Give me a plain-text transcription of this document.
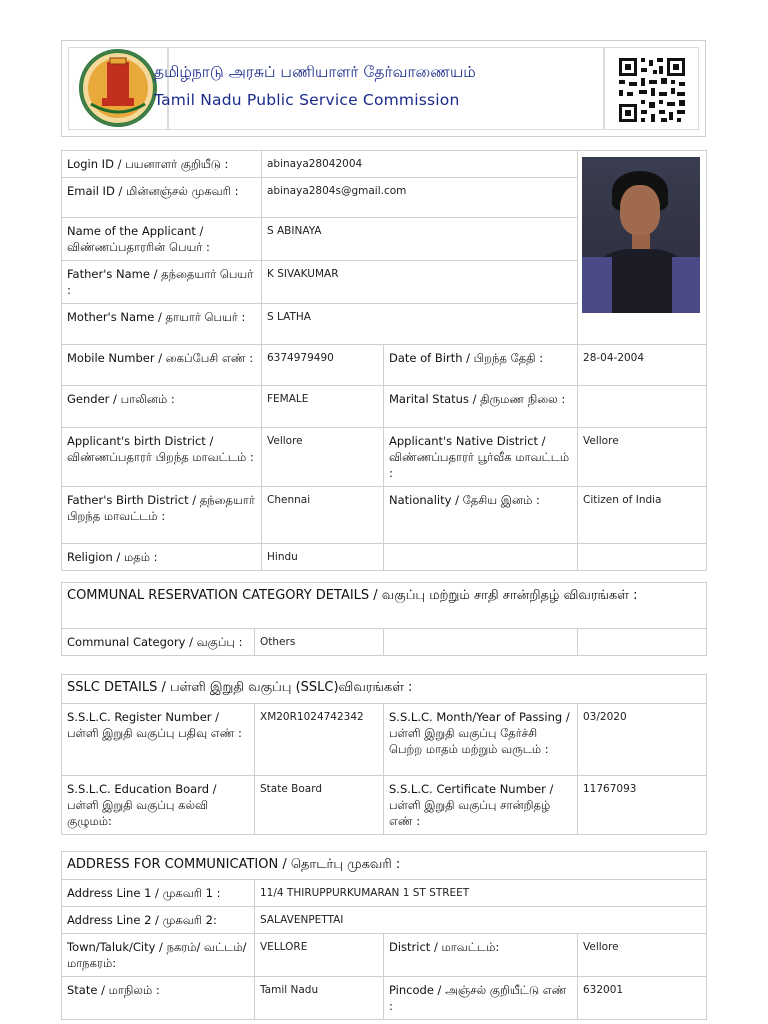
தமிழ்நாடு அரசுப் பணியாளர் தேர்வாணையம்
Tamil Nadu Public Service Commission
Login ID / பயனாளர் குறியீடு :	abinaya28042004		

Email ID / மின்னஞ்சல் முகவரி :	abinaya2804s@gmail.com		
Name of the Applicant / விண்ணப்பதாரரின் பெயர் :	S ABINAYA		
Father's Name / தந்தையார் பெயர் :	K SIVAKUMAR		
Mother's Name / தாயார் பெயர் :	S LATHA		
Mobile Number / கைப்பேசி எண் :	6374979490	Date of Birth / பிறந்த தேதி :	28-04-2004
Gender / பாலினம் :	FEMALE	Marital Status / திருமண நிலை :	
Applicant's birth District / விண்ணப்பதாரர் பிறந்த மாவட்டம் :	Vellore	Applicant's Native District / விண்ணப்பதாரர் பூர்வீக மாவட்டம் :	Vellore
Father's Birth District / தந்தையார் பிறந்த மாவட்டம் :	Chennai	Nationality / தேசிய இனம் :	Citizen of India
Religion / மதம் :	Hindu		
COMMUNAL RESERVATION CATEGORY DETAILS / வகுப்பு மற்றும் சாதி சான்றிதழ் விவரங்கள் :
Communal Category / வகுப்பு :	Others		
SSLC DETAILS / பள்ளி இறுதி வகுப்பு (SSLC)விவரங்கள் :			
S.S.L.C. Register Number / பள்ளி இறுதி வகுப்பு பதிவு எண் :	XM20R1024742342	S.S.L.C. Month/Year of Passing / பள்ளி இறுதி வகுப்பு தேர்ச்சி பெற்ற மாதம் மற்றும் வருடம் :	03/2020
S.S.L.C. Education Board / பள்ளி இறுதி வகுப்பு கல்வி குழுமம்:	State Board	S.S.L.C. Certificate Number / பள்ளி இறுதி வகுப்பு சான்றிதழ் எண் :	11767093
ADDRESS FOR COMMUNICATION / தொடர்பு முகவரி :			
Address Line 1 / முகவரி 1 :	11/4 THIRUPPURKUMARAN 1 ST STREET		
Address Line 2 / முகவரி 2:	SALAVENPETTAI		
Town/Taluk/City / நகரம்/ வட்டம்/மாநகரம்:	VELLORE	District / மாவட்டம்:	Vellore
State / மாநிலம் :	Tamil Nadu	Pincode / அஞ்சல் குறியீட்டு எண் :	632001
